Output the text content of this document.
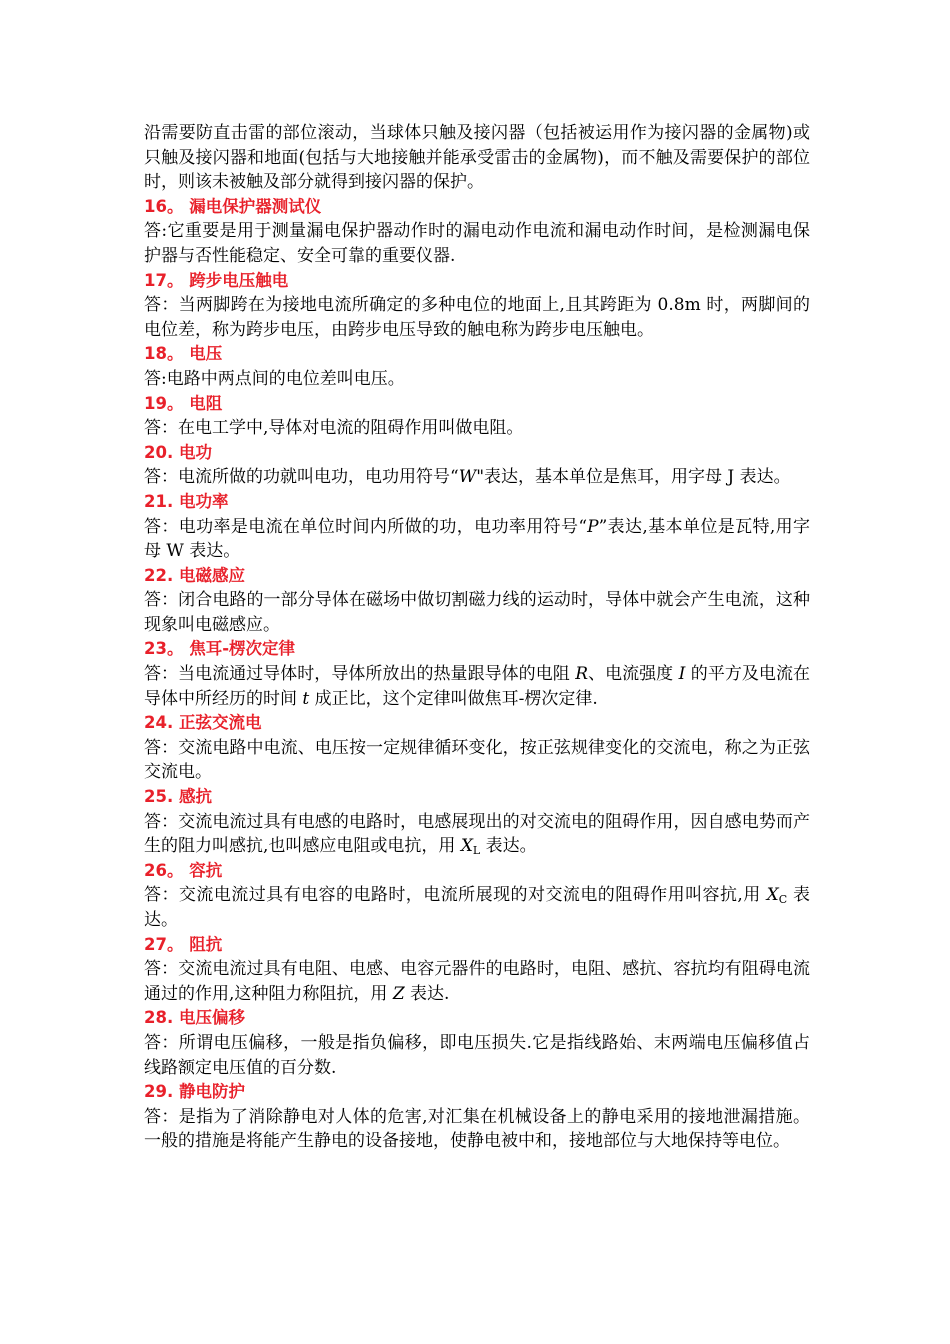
沿需要防直击雷的部位滚动，当球体只触及接闪器（包括被运用作为接闪器的金属物)或只触及接闪器和地面(包括与大地接触并能承受雷击的金属物)，而不触及需要保护的部位时，则该未被触及部分就得到接闪器的保护。

16。 漏电保护器测试仪

答:它重要是用于测量漏电保护器动作时的漏电动作电流和漏电动作时间，是检测漏电保护器与否性能稳定、安全可靠的重要仪器.

17。 跨步电压触电

答：当两脚跨在为接地电流所确定的多种电位的地面上,且其跨距为 0.8m 时，两脚间的电位差，称为跨步电压，由跨步电压导致的触电称为跨步电压触电。

18。 电压

答:电路中两点间的电位差叫电压。

19。 电阻

答：在电工学中,导体对电流的阻碍作用叫做电阻。

20. 电功

答：电流所做的功就叫电功，电功用符号“W"表达，基本单位是焦耳，用字母 J 表达。

21. 电功率

答：电功率是电流在单位时间内所做的功，电功率用符号“P”表达,基本单位是瓦特,用字母 W 表达。

22. 电磁感应

答：闭合电路的一部分导体在磁场中做切割磁力线的运动时，导体中就会产生电流，这种现象叫电磁感应。

23。 焦耳-楞次定律

答：当电流通过导体时，导体所放出的热量跟导体的电阻 R、电流强度 I 的平方及电流在导体中所经历的时间 t 成正比，这个定律叫做焦耳-楞次定律.

24. 正弦交流电

答：交流电路中电流、电压按一定规律循环变化，按正弦规律变化的交流电，称之为正弦交流电。

25. 感抗

答：交流电流过具有电感的电路时，电感展现出的对交流电的阻碍作用，因自感电势而产生的阻力叫感抗,也叫感应电阻或电抗，用 $X_L$ 表达。

26。 容抗

答：交流电流过具有电容的电路时，电流所展现的对交流电的阻碍作用叫容抗,用 $X_C$ 表达。

27。 阻抗

答：交流电流过具有电阻、电感、电容元器件的电路时，电阻、感抗、容抗均有阻碍电流通过的作用,这种阻力称阻抗，用 Z 表达.

28. 电压偏移

答：所谓电压偏移，一般是指负偏移，即电压损失.它是指线路始、末两端电压偏移值占线路额定电压值的百分数.

29. 静电防护

答：是指为了消除静电对人体的危害,对汇集在机械设备上的静电采用的接地泄漏措施。一般的措施是将能产生静电的设备接地，使静电被中和，接地部位与大地保持等电位。
